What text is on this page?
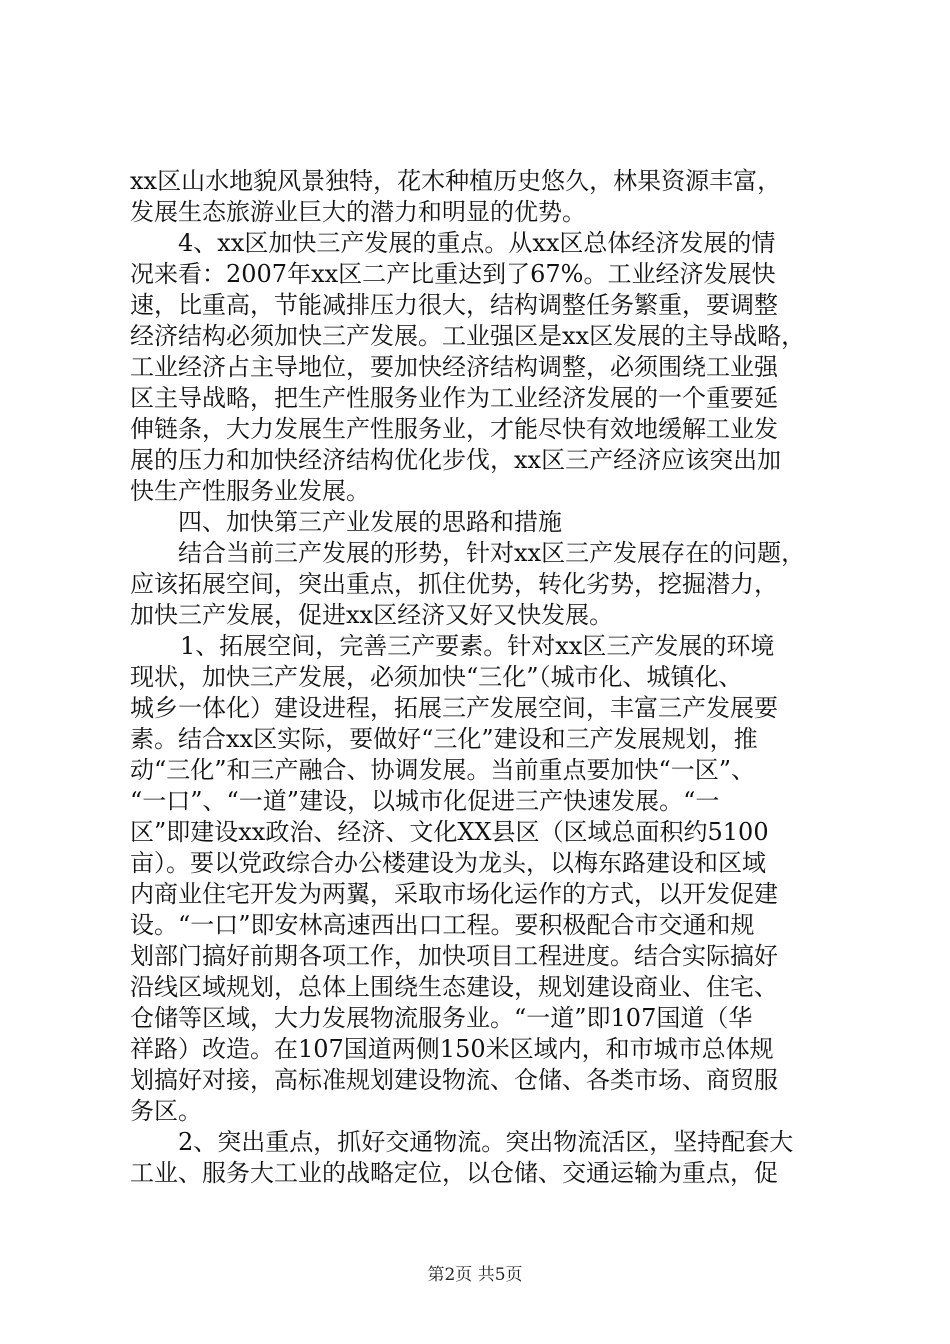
xx区山水地貌风景独特，花木种植历史悠久，林果资源丰富，
发展生态旅游业巨大的潜力和明显的优势。
4、xx区加快三产发展的重点。从xx区总体经济发展的情
况来看：2007年xx区二产比重达到了67%。工业经济发展快
速，比重高，节能减排压力很大，结构调整任务繁重，要调整
经济结构必须加快三产发展。工业强区是xx区发展的主导战略，
工业经济占主导地位，要加快经济结构调整，必须围绕工业强
区主导战略，把生产性服务业作为工业经济发展的一个重要延
伸链条，大力发展生产性服务业，才能尽快有效地缓解工业发
展的压力和加快经济结构优化步伐，xx区三产经济应该突出加
快生产性服务业发展。
四、加快第三产业发展的思路和措施
结合当前三产发展的形势，针对xx区三产发展存在的问题，
应该拓展空间，突出重点，抓住优势，转化劣势，挖掘潜力，
加快三产发展，促进xx区经济又好又快发展。
1、拓展空间，完善三产要素。针对xx区三产发展的环境
现状，加快三产发展，必须加快“三化”（城市化、城镇化、
城乡一体化）建设进程，拓展三产发展空间，丰富三产发展要
素。结合xx区实际，要做好“三化”建设和三产发展规划，推
动“三化”和三产融合、协调发展。当前重点要加快“一区”、
“一口”、“一道”建设，以城市化促进三产快速发展。“一
区”即建设xx政治、经济、文化XX县区（区域总面积约5100
亩）。要以党政综合办公楼建设为龙头，以梅东路建设和区域
内商业住宅开发为两翼，采取市场化运作的方式，以开发促建
设。“一口”即安林高速西出口工程。要积极配合市交通和规
划部门搞好前期各项工作，加快项目工程进度。结合实际搞好
沿线区域规划，总体上围绕生态建设，规划建设商业、住宅、
仓储等区域，大力发展物流服务业。“一道”即107国道（华
祥路）改造。在107国道两侧150米区域内，和市城市总体规
划搞好对接，高标准规划建设物流、仓储、各类市场、商贸服
务区。
2、突出重点，抓好交通物流。突出物流活区，坚持配套大
工业、服务大工业的战略定位，以仓储、交通运输为重点，促
第2页 共5页
